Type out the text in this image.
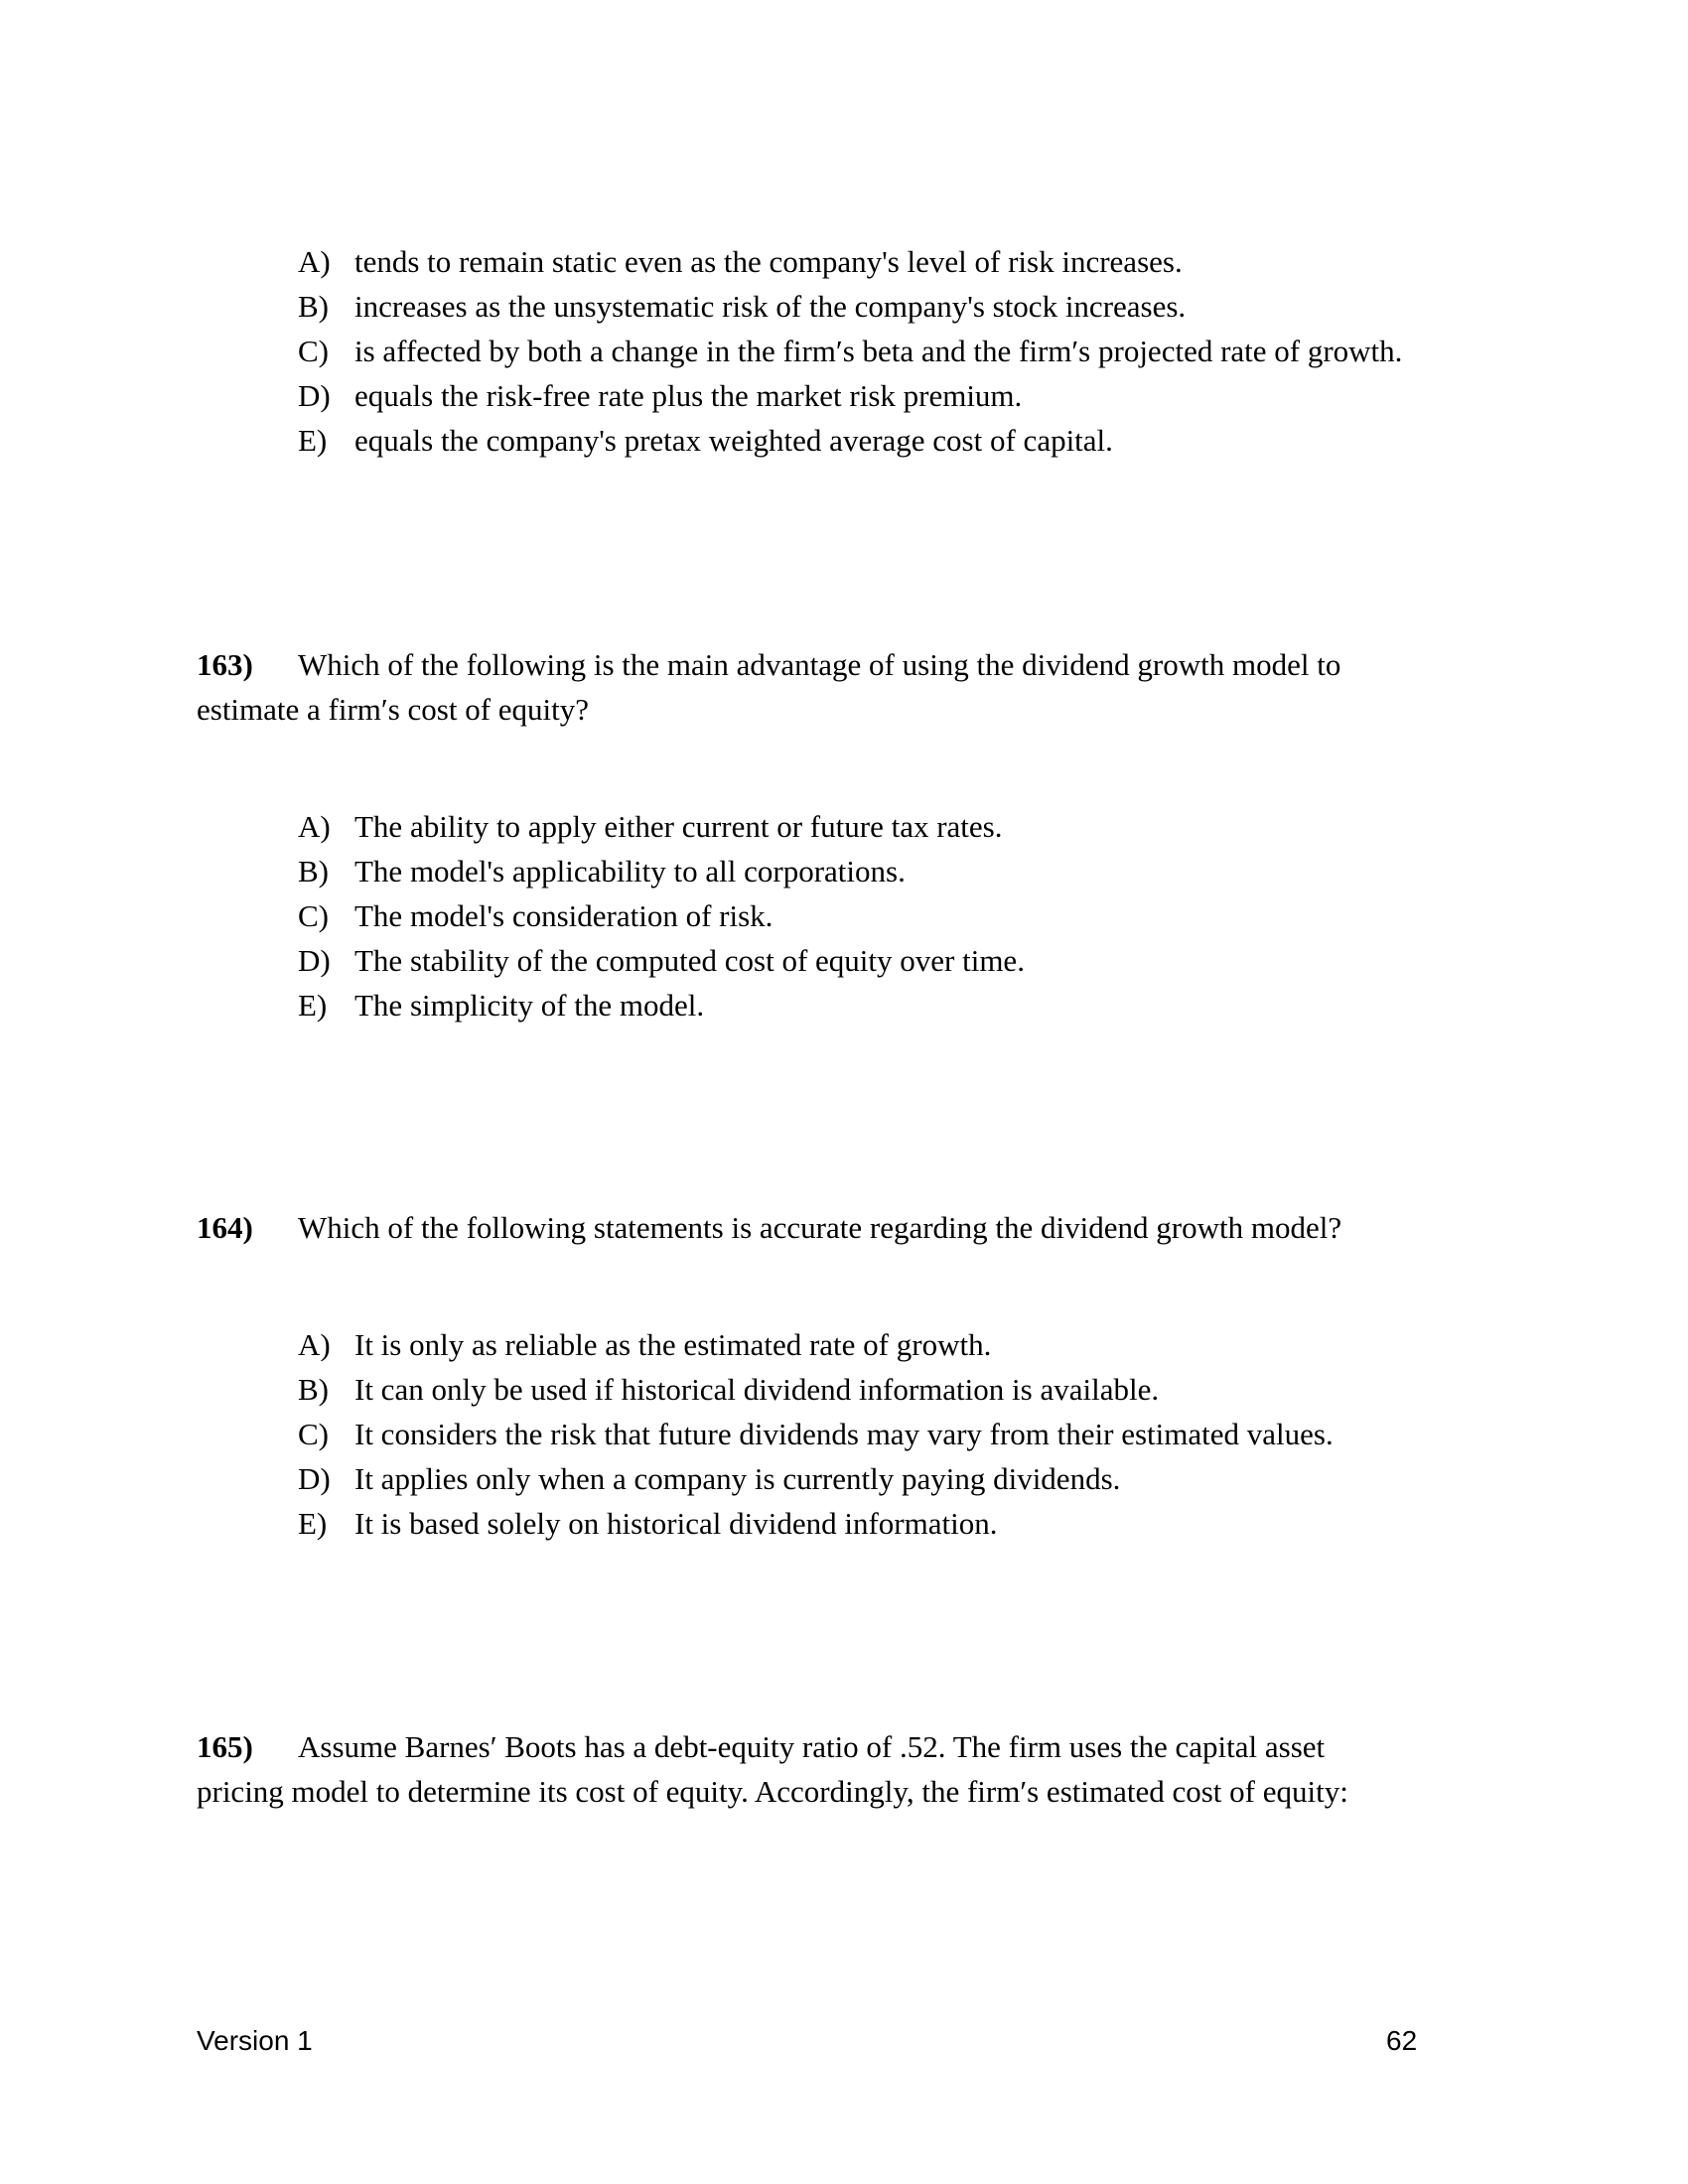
A) tends to remain static even as the company's level of risk increases.
B) increases as the unsystematic risk of the company's stock increases.
C) is affected by both a change in the firm′s beta and the firm′s projected rate of growth.
D) equals the risk-free rate plus the market risk premium.
E) equals the company's pretax weighted average cost of capital.
163) Which of the following is the main advantage of using the dividend growth model to
estimate a firm′s cost of equity?
A) The ability to apply either current or future tax rates.
B) The model's applicability to all corporations.
C) The model's consideration of risk.
D) The stability of the computed cost of equity over time.
E) The simplicity of the model.
164) Which of the following statements is accurate regarding the dividend growth model?
A) It is only as reliable as the estimated rate of growth.
B) It can only be used if historical dividend information is available.
C) It considers the risk that future dividends may vary from their estimated values.
D) It applies only when a company is currently paying dividends.
E) It is based solely on historical dividend information.
165) Assume Barnes′ Boots has a debt-equity ratio of .52. The firm uses the capital asset
pricing model to determine its cost of equity. Accordingly, the firm′s estimated cost of equity:
Version 1	62
